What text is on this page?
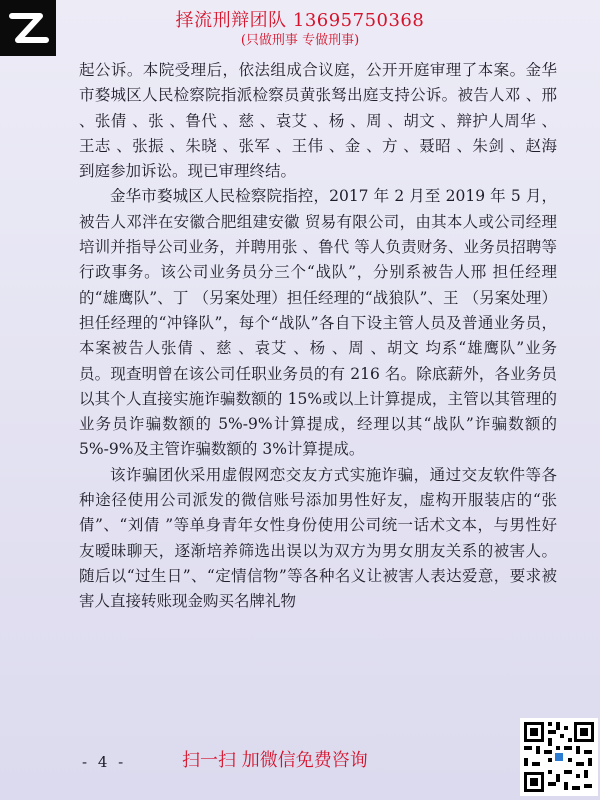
择流刑辩团队 13695750368
(只做刑事 专做刑事)

起公诉。本院受理后，依法组成合议庭，公开开庭审理了本案。金华市婺城区人民检察院指派检察员黄张驽出庭支持公诉。被告人邓 、邢 、张倩 、张 、鲁代 、慈 、袁艾 、杨 、周 、胡文 、辩护人周华 、王志 、张振 、朱晓 、张军 、王伟 、金 、方 、聂昭 、朱剑 、赵海 到庭参加诉讼。现已审理终结。

金华市婺城区人民检察院指控，2017 年 2 月至 2019 年 5 月，被告人邓泮在安徽合肥组建安徽 贸易有限公司，由其本人或公司经理培训并指导公司业务，并聘用张 、鲁代 等人负责财务、业务员招聘等行政事务。该公司业务员分三个“战队”，分别系被告人邢 担任经理的“雄鹰队”、丁 （另案处理）担任经理的“战狼队”、王 （另案处理）担任经理的“冲锋队”，每个“战队”各自下设主管人员及普通业务员，本案被告人张倩 、慈 、袁艾 、杨 、周 、胡文 均系“雄鹰队”业务员。现查明曾在该公司任职业务员的有 216 名。除底薪外，各业务员以其个人直接实施诈骗数额的 15%或以上计算提成，主管以其管理的业务员诈骗数额的 5%-9%计算提成，经理以其“战队”诈骗数额的 5%-9%及主管诈骗数额的 3%计算提成。

该诈骗团伙采用虚假网恋交友方式实施诈骗，通过交友软件等各种途径使用公司派发的微信账号添加男性好友，虚构开服装店的“张倩”、“刘倩 ”等单身青年女性身份使用公司统一话术文本，与男性好友暧昧聊天，逐渐培养筛选出误以为双方为男女朋友关系的被害人。随后以“过生日”、“定情信物”等各种名义让被害人表达爱意，要求被害人直接转账现金购买名牌礼物

- 4 -	扫一扫 加微信免费咨询
